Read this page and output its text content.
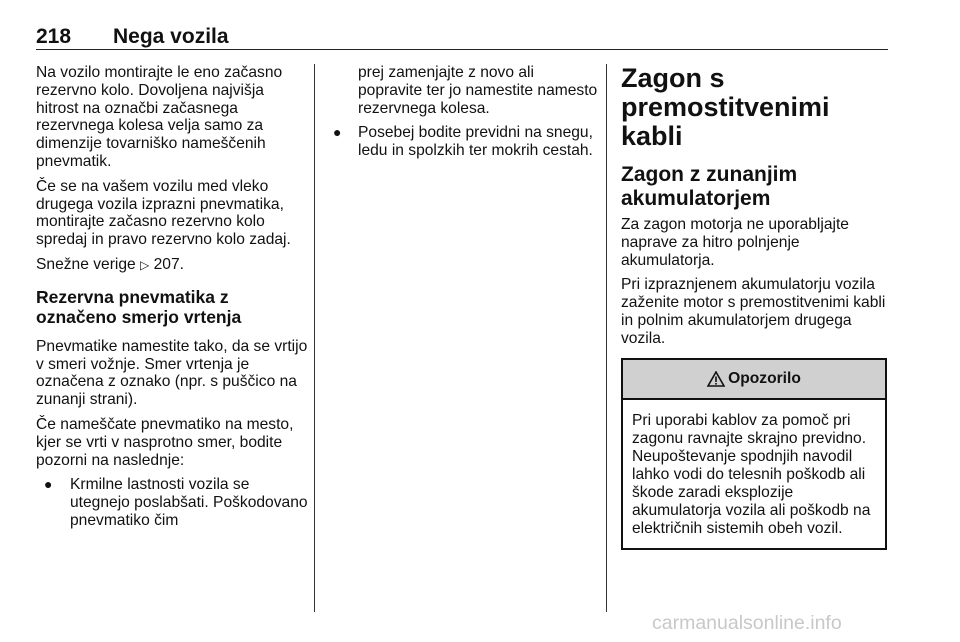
218 Nega vozila

Na vozilo montirajte le eno začasno rezervno kolo. Dovoljena najvišja hitrost na označbi začasnega rezervnega kolesa velja samo za dimenzije tovarniško nameščenih pnevmatik.

Če se na vašem vozilu med vleko drugega vozila izprazni pnevmatika, montirajte začasno rezervno kolo spredaj in pravo rezervno kolo zadaj.

Snežne verige ▷ 207.

Rezervna pnevmatika z označeno smerjo vrtenja

Pnevmatike namestite tako, da se vrtijo v smeri vožnje. Smer vrtenja je označena z oznako (npr. s puščico na zunanji strani).

Če nameščate pnevmatiko na mesto, kjer se vrti v nasprotno smer, bodite pozorni na naslednje:

● Krmilne lastnosti vozila se utegnejo poslabšati. Poškodovano pnevmatiko čim

prej zamenjajte z novo ali popravite ter jo namestite namesto rezervnega kolesa.

● Posebej bodite previdni na snegu, ledu in spolzkih ter mokrih cestah.
Zagon s premostitvenimi kabli
Zagon z zunanjim akumulatorjem

Za zagon motorja ne uporabljajte naprave za hitro polnjenje akumulatorja.

Pri izpraznjenem akumulatorju vozila zaženite motor s premostitvenimi kabli in polnim akumulatorjem drugega vozila.

Opozorilo
Pri uporabi kablov za pomoč pri zagonu ravnajte skrajno previdno. Neupoštevanje spodnjih navodil lahko vodi do telesnih poškodb ali škode zaradi eksplozije akumulatorja vozila ali poškodb na električnih sistemih obeh vozil.
carmanualsonline.info
